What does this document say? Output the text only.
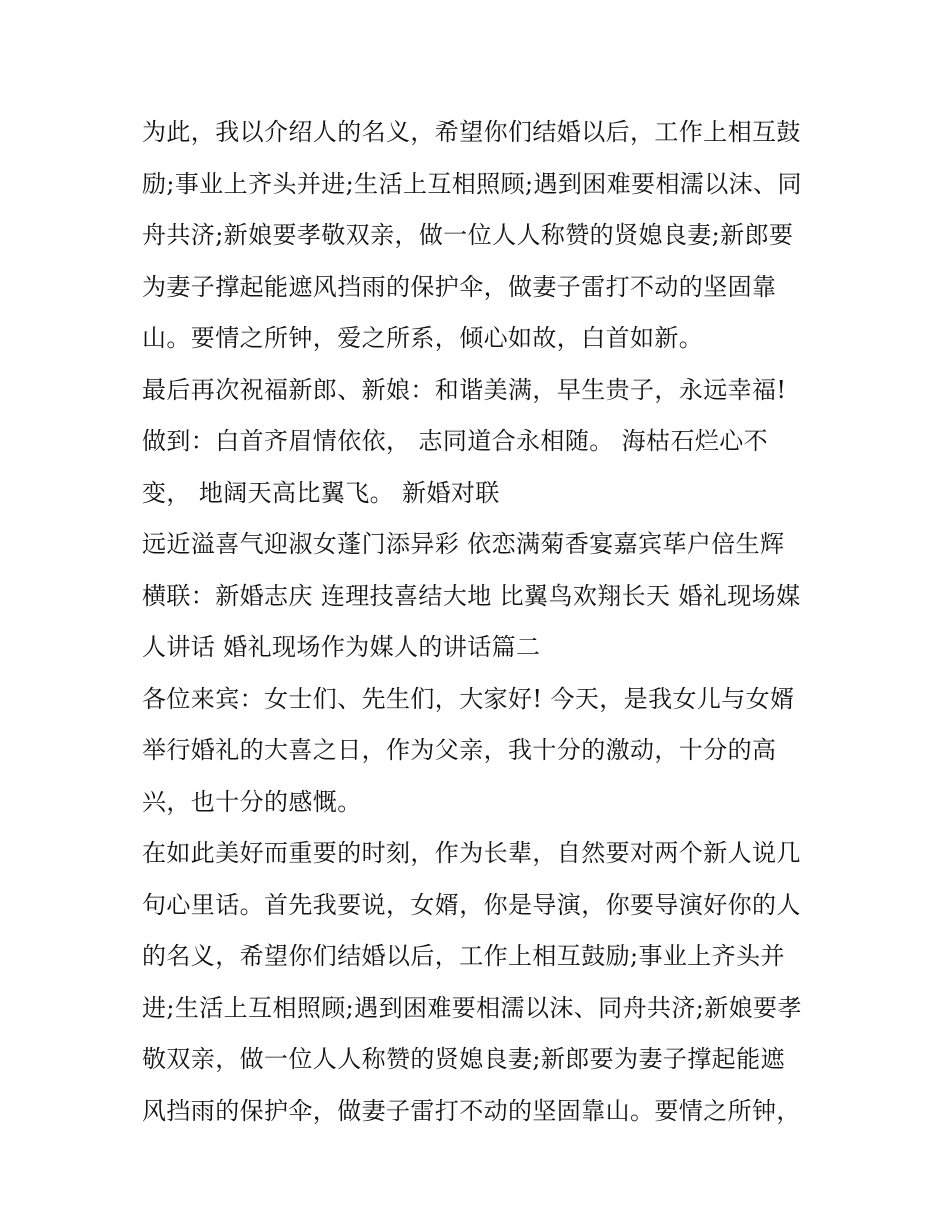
为此，我以介绍人的名义，希望你们结婚以后，工作上相互鼓
励;事业上齐头并进;生活上互相照顾;遇到困难要相濡以沫、同
舟共济;新娘要孝敬双亲，做一位人人称赞的贤媳良妻;新郎要
为妻子撑起能遮风挡雨的保护伞，做妻子雷打不动的坚固靠
山。要情之所钟，爱之所系，倾心如故，白首如新。
最后再次祝福新郎、新娘：和谐美满，早生贵子，永远幸福!
做到：白首齐眉情依依， 志同道合永相随。 海枯石烂心不
变， 地阔天高比翼飞。 新婚对联
远近溢喜气迎淑女蓬门添异彩 依恋满菊香宴嘉宾荜户倍生辉
横联：新婚志庆 连理技喜结大地 比翼鸟欢翔长天 婚礼现场媒
人讲话 婚礼现场作为媒人的讲话篇二
各位来宾：女士们、先生们，大家好! 今天，是我女儿与女婿
举行婚礼的大喜之日，作为父亲，我十分的激动，十分的高
兴，也十分的感慨。
在如此美好而重要的时刻，作为长辈，自然要对两个新人说几
句心里话。首先我要说，女婿，你是导演，你要导演好你的人
的名义，希望你们结婚以后，工作上相互鼓励;事业上齐头并
进;生活上互相照顾;遇到困难要相濡以沫、同舟共济;新娘要孝
敬双亲，做一位人人称赞的贤媳良妻;新郎要为妻子撑起能遮
风挡雨的保护伞，做妻子雷打不动的坚固靠山。要情之所钟，
